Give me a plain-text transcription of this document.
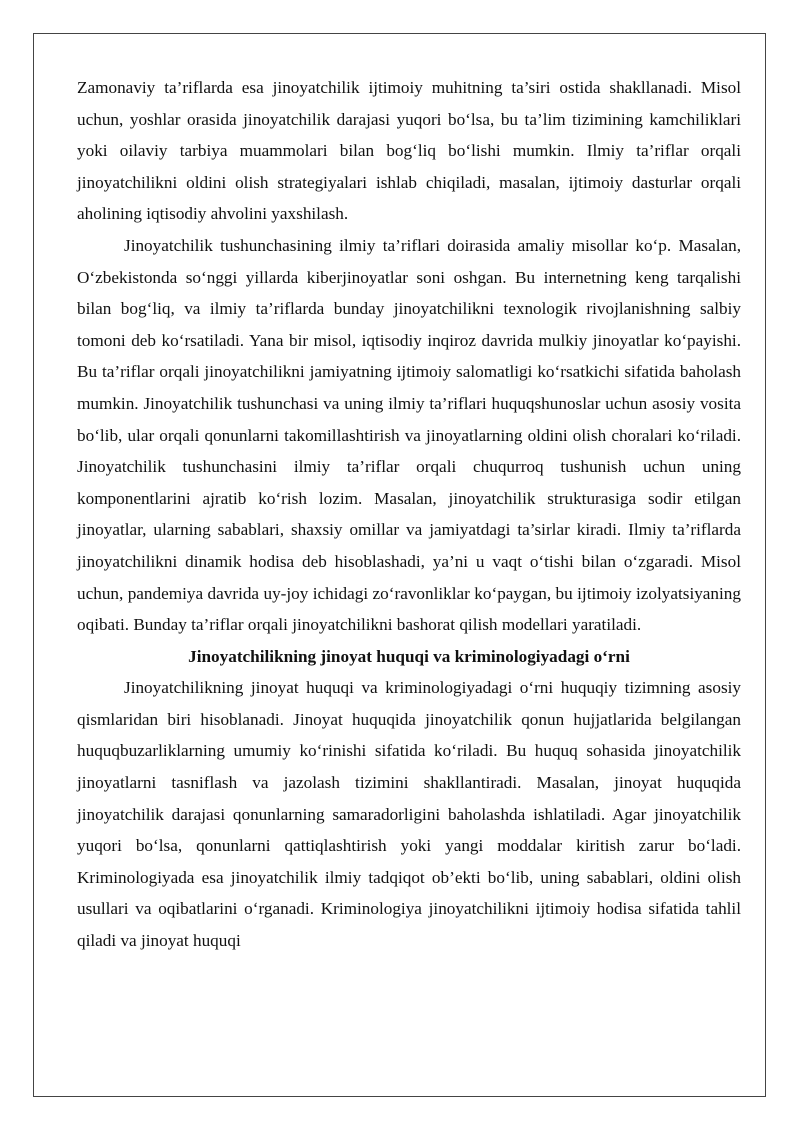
Zamonaviy ta’riflarda esa jinoyatchilik ijtimoiy muhitning ta’siri ostida shakllanadi. Misol uchun, yoshlar orasida jinoyatchilik darajasi yuqori bo‘lsa, bu ta’lim tizimining kamchiliklari yoki oilaviy tarbiya muammolari bilan bog‘liq bo‘lishi mumkin. Ilmiy ta’riflar orqali jinoyatchilikni oldini olish strategiyalari ishlab chiqiladi, masalan, ijtimoiy dasturlar orqali aholining iqtisodiy ahvolini yaxshilash.

Jinoyatchilik tushunchasining ilmiy ta’riflari doirasida amaliy misollar ko‘p. Masalan, O‘zbekistonda so‘nggi yillarda kiberjinoyatlar soni oshgan. Bu internetning keng tarqalishi bilan bog‘liq, va ilmiy ta’riflarda bunday jinoyatchilikni texnologik rivojlanishning salbiy tomoni deb ko‘rsatiladi. Yana bir misol, iqtisodiy inqiroz davrida mulkiy jinoyatlar ko‘payishi. Bu ta’riflar orqali jinoyatchilikni jamiyatning ijtimoiy salomatligi ko‘rsatkichi sifatida baholash mumkin. Jinoyatchilik tushunchasi va uning ilmiy ta’riflari huquqshunoslar uchun asosiy vosita bo‘lib, ular orqali qonunlarni takomillashtirish va jinoyatlarning oldini olish choralari ko‘riladi. Jinoyatchilik tushunchasini ilmiy ta’riflar orqali chuqurroq tushunish uchun uning komponentlarini ajratib ko‘rish lozim. Masalan, jinoyatchilik strukturasiga sodir etilgan jinoyatlar, ularning sabablari, shaxsiy omillar va jamiyatdagi ta’sirlar kiradi. Ilmiy ta’riflarda jinoyatchilikni dinamik hodisa deb hisoblashadi, ya’ni u vaqt o‘tishi bilan o‘zgaradi. Misol uchun, pandemiya davrida uy-joy ichidagi zo‘ravonliklar ko‘paygan, bu ijtimoiy izolyatsiyaning oqibati. Bunday ta’riflar orqali jinoyatchilikni bashorat qilish modellari yaratiladi.

Jinoyatchilikning jinoyat huquqi va kriminologiyadagi o‘rni

Jinoyatchilikning jinoyat huquqi va kriminologiyadagi o‘rni huquqiy tizimning asosiy qismlaridan biri hisoblanadi. Jinoyat huquqida jinoyatchilik qonun hujjatlarida belgilangan huquqbuzarliklarning umumiy ko‘rinishi sifatida ko‘riladi. Bu huquq sohasida jinoyatchilik jinoyatlarni tasniflash va jazolash tizimini shakllantiradi. Masalan, jinoyat huquqida jinoyatchilik darajasi qonunlarning samaradorligini baholashda ishlatiladi. Agar jinoyatchilik yuqori bo‘lsa, qonunlarni qattiqlashtirish yoki yangi moddalar kiritish zarur bo‘ladi. Kriminologiyada esa jinoyatchilik ilmiy tadqiqot ob’ekti bo‘lib, uning sabablari, oldini olish usullari va oqibatlarini o‘rganadi. Kriminologiya jinoyatchilikni ijtimoiy hodisa sifatida tahlil qiladi va jinoyat huquqi
